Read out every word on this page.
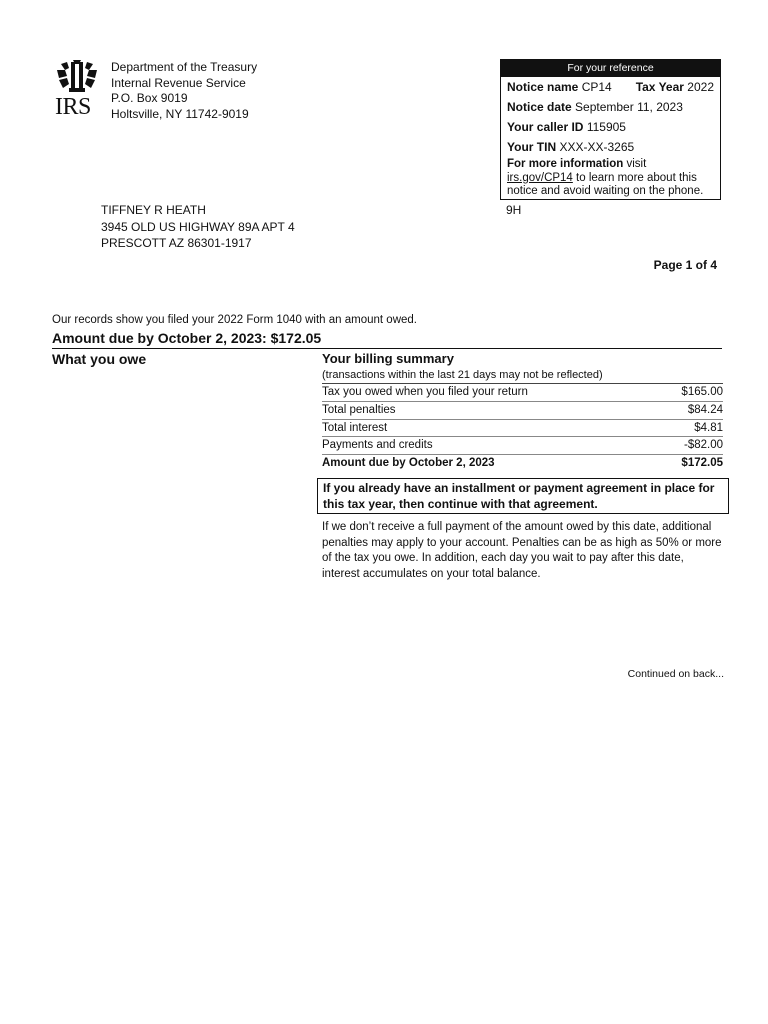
IRS
Department of the Treasury
Internal Revenue Service
P.O. Box 9019
Holtsville, NY 11742-9019
For your reference
Notice name CP14 Tax Year 2022
Notice date September 11, 2023
Your caller ID 115905
Your TIN XXX-XX-3265
For more information visit irs.gov/CP14 to learn more about this notice and avoid waiting on the phone.
9H
TIFFNEY R HEATH
3945 OLD US HIGHWAY 89A APT 4
PRESCOTT AZ 86301-1917
Page 1 of 4
Our records show you filed your 2022 Form 1040 with an amount owed.
Amount due by October 2, 2023: $172.05
What you owe	Your billing summary
(transactions within the last 21 days may not be reflected)
Tax you owed when you filed your return	$165.00
Total penalties	$84.24
Total interest	$4.81
Payments and credits	-$82.00
Amount due by October 2, 2023	$172.05
If you already have an installment or payment agreement in place for this tax year, then continue with that agreement.
If we don’t receive a full payment of the amount owed by this date, additional penalties may apply to your account. Penalties can be as high as 50% or more of the tax you owe. In addition, each day you wait to pay after this date, interest accumulates on your total balance.
Continued on back...
